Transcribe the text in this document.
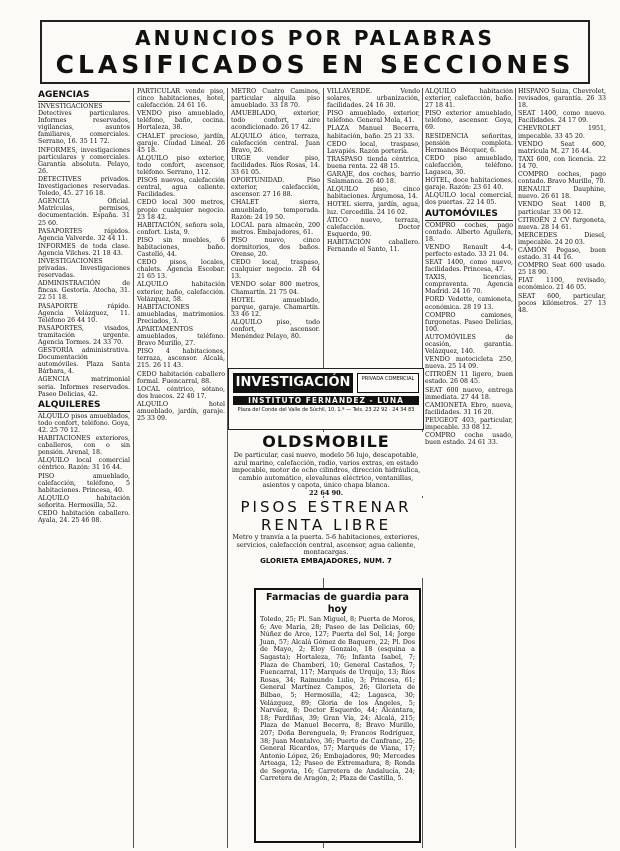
ANUNCIOS POR PALABRAS
CLASIFICADOS EN SECCIONES
AGENCIAS
INVESTIGACIONES Detectives particulares. Informes reservados, vigilancias, asuntos familiares, comerciales. Serrano, 16. 35 11 72.
INFORMES, investigaciones particulares y comerciales. Garantía absoluta. Pelayo, 26.
DETECTIVES privados. Investigaciones reservadas. Toledo, 45. 27 16 18.
AGENCIA Oficial. Matrículas, permisos, documentación. España. 31 25 60.
PASAPORTES rápidos. Agencia Valverde. 32 44 11.
INFORMES de toda clase. Agencia Vilches. 21 18 43.
INVESTIGACIONES privadas. Investigaciones reservadas.
ADMINISTRACIÓN de fincas. Gestoría. Atocha, 31. 22 51 18.
PASAPORTE rápido. Agencia Velázquez, 11. Teléfono 26 44 10.
PASAPORTES, visados, tramitación urgente. Agencia Tormes. 24 33 70.
GESTORÍA administrativa. Documentación automóviles. Plaza Santa Bárbara, 4.
AGENCIA matrimonial seria. Informes reservados. Paseo Delicias, 42.
ALQUILERES
ALQUILO pisos amueblados, todo confort, teléfono. Goya, 42. 25 70 12.
HABITACIONES exteriores, caballeros, con o sin pensión. Arenal, 18.
ALQUILO local comercial céntrico. Razón: 31 16 44.
PISO amueblado, calefacción, teléfono, 5 habitaciones. Princesa, 40.
ALQUILO habitación señorita. Hermosilla, 52.
CEDO habitación caballero. Ayala, 24. 25 46 08.
PARTICULAR vende piso, cinco habitaciones, hotel, calefacción. 24 61 16.
VENDO piso amueblado, teléfono, baño, cocina. Hortaleza, 38.
CHALET precioso, jardín, garaje. Ciudad Lineal. 26 45 18.
ALQUILO piso exterior, todo confort, ascensor, teléfono. Serrano, 112.
PISOS nuevos, calefacción central, agua caliente. Facilidades.
CEDO local 300 metros, propio cualquier negocio. 23 18 42.
HABITACIÓN, señora sola, confort. Lista, 9.
PISO sin muebles, 6 habitaciones, baño. Castelló, 44.
CEDO pisos, locales, chalets. Agencia Escobar. 21 65 13.
ALQUILO habitación exterior, baño, calefacción. Velázquez, 58.
HABITACIONES amuebladas, matrimonios. Preciados, 3.
APARTAMENTOS amueblados, teléfono. Bravo Murillo, 27.
PISO 4 habitaciones, terraza, ascensor. Alcalá, 215. 26 11 43.
CEDO habitación caballero formal. Fuencarral, 88.
LOCAL céntrico, sótano, dos huecos. 22 40 17.
ALQUILO hotel amueblado, jardín, garaje. 25 33 09.
METRO Cuatro Caminos, particular alquila piso amueblado. 33 18 70.
AMUEBLADO, exterior, todo confort, aire acondicionado. 26 17 42.
ALQUILO ático, terraza, calefacción central. Juan Bravo, 26.
URGE vender piso, facilidades. Ríos Rosas, 14. 33 61 05.
OPORTUNIDAD. Piso exterior, calefacción, ascensor. 27 16 88.
CHALET sierra, amueblado, temporada. Razón: 24 19 50.
LOCAL para almacén, 200 metros. Embajadores, 61.
PISO nuevo, cinco dormitorios, dos baños. Orense, 20.
CEDO local, traspaso, cualquier negocio. 28 64 13.
VENDO solar 800 metros, Chamartín. 21 75 04.
HOTEL amueblado, parque, garaje. Chamartín. 33 46 12.
ALQUILO piso, todo confort, ascensor. Menéndez Pelayo, 80.
VILLAVERDE. Vendo solares, urbanización, facilidades. 24 16 30.
PISO amueblado, exterior, teléfono. General Mola, 41.
PLAZA Manuel Becerra, habitación, baño. 25 21 33.
CEDO local, traspaso, Lavapiés. Razón portería.
TRASPASO tienda céntrica, buena renta. 22 48 15.
GARAJE, dos coches, barrio Salamanca. 26 40 18.
ALQUILO piso, cinco habitaciones. Argumosa, 14.
HOTEL sierra, jardín, agua, luz. Cercedilla. 24 16 02.
ÁTICO nuevo, terraza, calefacción. Doctor Esquerdo, 90.
HABITACIÓN caballero. Fernando el Santo, 11.
ALQUILO habitación exterior, calefacción, baño. 27 18 41.
PISO exterior amueblado, teléfono, ascensor. Goya, 69.
RESIDENCIA señoritas, pensión completa. Hermanos Bécquer, 6.
CEDO piso amueblado, calefacción, teléfono. Lagasca, 30.
HOTEL, doce habitaciones, garaje. Razón: 23 61 40.
ALQUILO local comercial, dos puertas. 22 14 05.
AUTOMÓVILES
COMPRO coches, pago contado. Alberto Aguilera, 18.
VENDO Renault 4-4, perfecto estado. 33 21 04.
SEAT 1400, como nuevo, facilidades. Princesa, 47.
TAXIS, licencias, compraventa. Agencia Madrid. 24 16 70.
FORD Vedette, camioneta, económica. 28 19 13.
COMPRO camiones, furgonetas. Paseo Delicias, 100.
AUTOMÓVILES de ocasión, garantía. Velázquez, 140.
VENDO motocicleta 250, nueva. 25 14 09.
CITROËN 11 ligero, buen estado. 26 08 45.
SEAT 600 nuevo, entrega inmediata. 27 44 18.
CAMIONETA Ebro, nueva, facilidades. 31 16 20.
PEUGEOT 403, particular, impecable. 33 08 12.
COMPRO coche usado, buen estado. 24 61 33.
HISPANO Suiza, Chevrolet, revisados, garantía. 26 33 18.
SEAT 1400, como nuevo. Facilidades. 24 17 09.
CHEVROLET 1951, impecable. 33 45 20.
VENDO Seat 600, matrícula M. 27 16 44.
TAXI 600, con licencia. 22 14 70.
COMPRO coches, pago contado. Bravo Murillo, 70.
RENAULT Dauphine, nuevo. 26 61 18.
VENDO Seat 1400 B, particular. 33 06 12.
CITROËN 2 CV furgoneta, nueva. 28 14 61.
MERCEDES Diesel, impecable. 24 20 03.
CAMIÓN Pegaso, buen estado. 31 44 16.
COMPRO Seat 600 usado. 25 18 90.
FIAT 1100, revisado, económico. 21 46 05.
SEAT 600, particular, pocos kilómetros. 27 13 48.
INVESTIGACIÓN	PRIVADA COMERCIAL
INSTITUTO FERNÁNDEZ - LUNA
Plaza del Conde del Valle de Súchil, 10, 1.º — Tels. 23 22 92 · 24 34 83
OLDSMOBILE
De particular, casi nuevo, modelo 56 lujo, descapotable, azul marino, calefacción, radio, varios extras, en estado impecable, motor de ocho cilindros, dirección hidráulica, cambio automático, elevalunas eléctrico, ventanillas, asientos y capota, único chapa blanca.
22 64 90.
PISOS ESTRENAR
RENTA LIBRE
Metro y tranvía a la puerta. 5-6 habitaciones, exteriores, servicios, calefacción central, ascensor, agua caliente, montacargas.
GLORIETA EMBAJADORES, NUM. 7
Farmacias de guardia para hoy
Toledo, 25; Pl. San Miguel, 8; Puerta de Moros, 6; Ave María, 28; Paseo de las Delicias, 60; Núñez de Arce, 127; Puerta del Sol, 14; Jorge Juan, 57; Alcalá Gómez de Baquero, 22; Pl. Dos de Mayo, 2; Eloy Gonzalo, 18 (esquina a Sagasta); Hortaleza, 76; Infanta Isabel, 7; Plaza de Chamberí, 10; General Castaños, 7; Fuencarral, 117; Marqués de Urquijo, 13; Ríos Rosas, 34; Raimundo Lulio, 3; Princesa, 61; General Martínez Campos, 26; Glorieta de Bilbao, 5; Hermosilla, 42; Lagasca, 30; Velázquez, 89; Gloria de los Ángeles, 5; Narváez, 8; Doctor Esquerdo, 44; Alcántara, 18; Pardiñas, 39; Gran Vía, 24; Alcalá, 215; Plaza de Manuel Becerra, 8; Bravo Murillo, 207; Doña Berenguela, 9; Francos Rodríguez, 38; Juan Montalvo, 36; Puerto de Canfranc, 25; General Ricardos, 57; Marqués de Viana, 17; Antonio López, 26; Embajadores, 90; Mercedes Arteaga, 12; Paseo de Extremadura, 8; Ronda de Segovia, 16; Carretera de Andalucía, 24; Carretera de Aragón, 2; Plaza de Castilla, 5.
